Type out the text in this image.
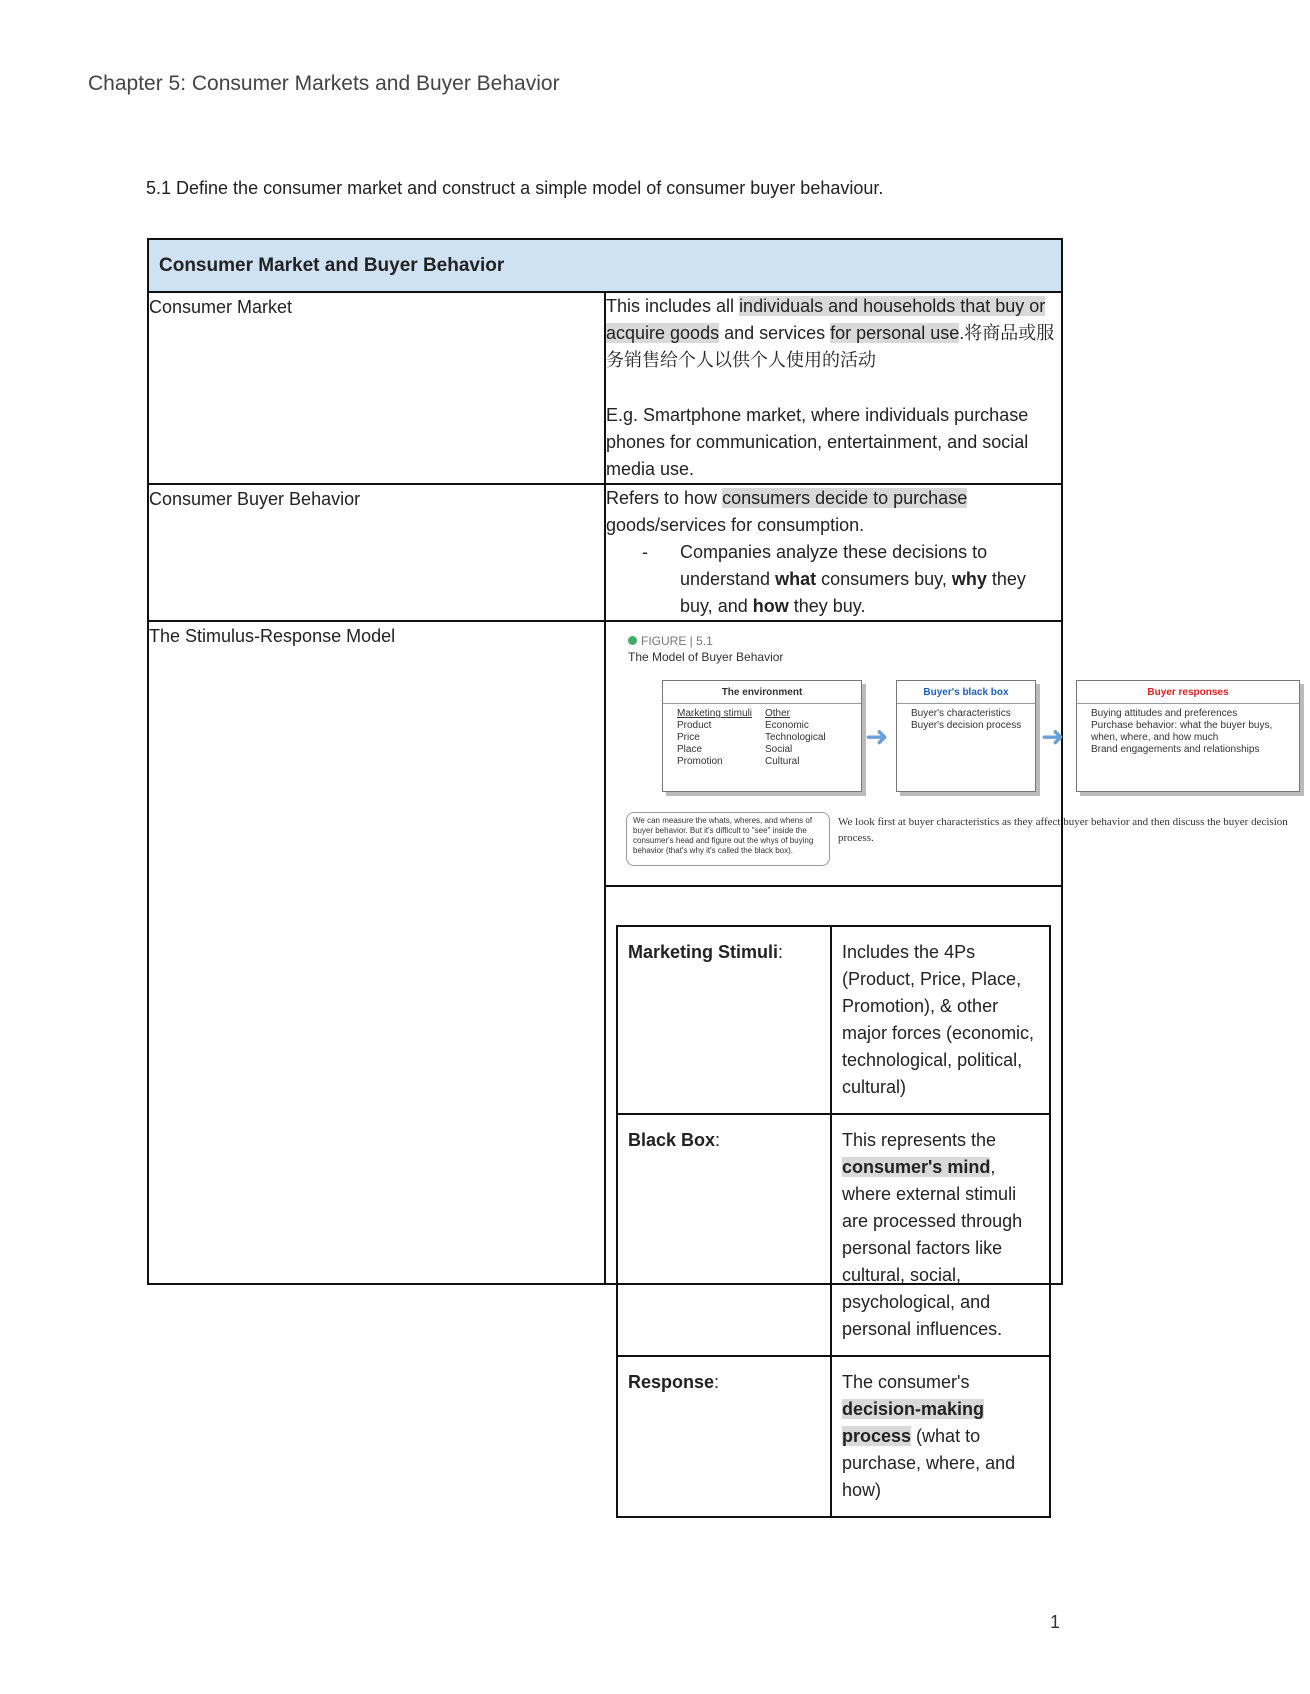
Chapter 5: Consumer Markets and Buyer Behavior
5.1 Define the consumer market and construct a simple model of consumer buyer behaviour.
Consumer Market and Buyer Behavior
Consumer Market	This includes all individuals and households that buy or acquire goods and services for personal use.将商品或服务销售给个人以供个人使用的活动
E.g. Smartphone market, where individuals purchase phones for communication, entertainment, and social media use.

Consumer Buyer Behavior	Refers to how consumers decide to purchase goods/services for consumption.
-	Companies analyze these decisions to understand what consumers buy, why they buy, and how they buy.

The Stimulus-Response Model	FIGURE | 5.1
The Model of Buyer Behavior
The environment
Marketing stimuli
Product
Price
Place
Promotion
Other
Economic
Technological
Social
Cultural
➜
Buyer's black box
Buyer's characteristics
Buyer's decision process ➜
Buyer responses
Buying attitudes and preferences
Purchase behavior: what the buyer buys,
when, where, and how much
Brand engagements and relationships
We can measure the whats, wheres, and whens of buyer behavior. But it's difficult to "see" inside the consumer's head and figure out the whys of buying behavior (that's why it's called the black box).
We look first at buyer characteristics as they affect buyer behavior and then discuss the buyer decision process.

Marketing Stimuli:	Includes the 4Ps (Product, Price, Place, Promotion), & other major forces (economic, technological, political, cultural)
Black Box:	This represents the consumer's mind, where external stimuli are processed through personal factors like cultural, social, psychological, and personal influences.
Response:	The consumer's decision-making process (what to purchase, where, and how)
1
